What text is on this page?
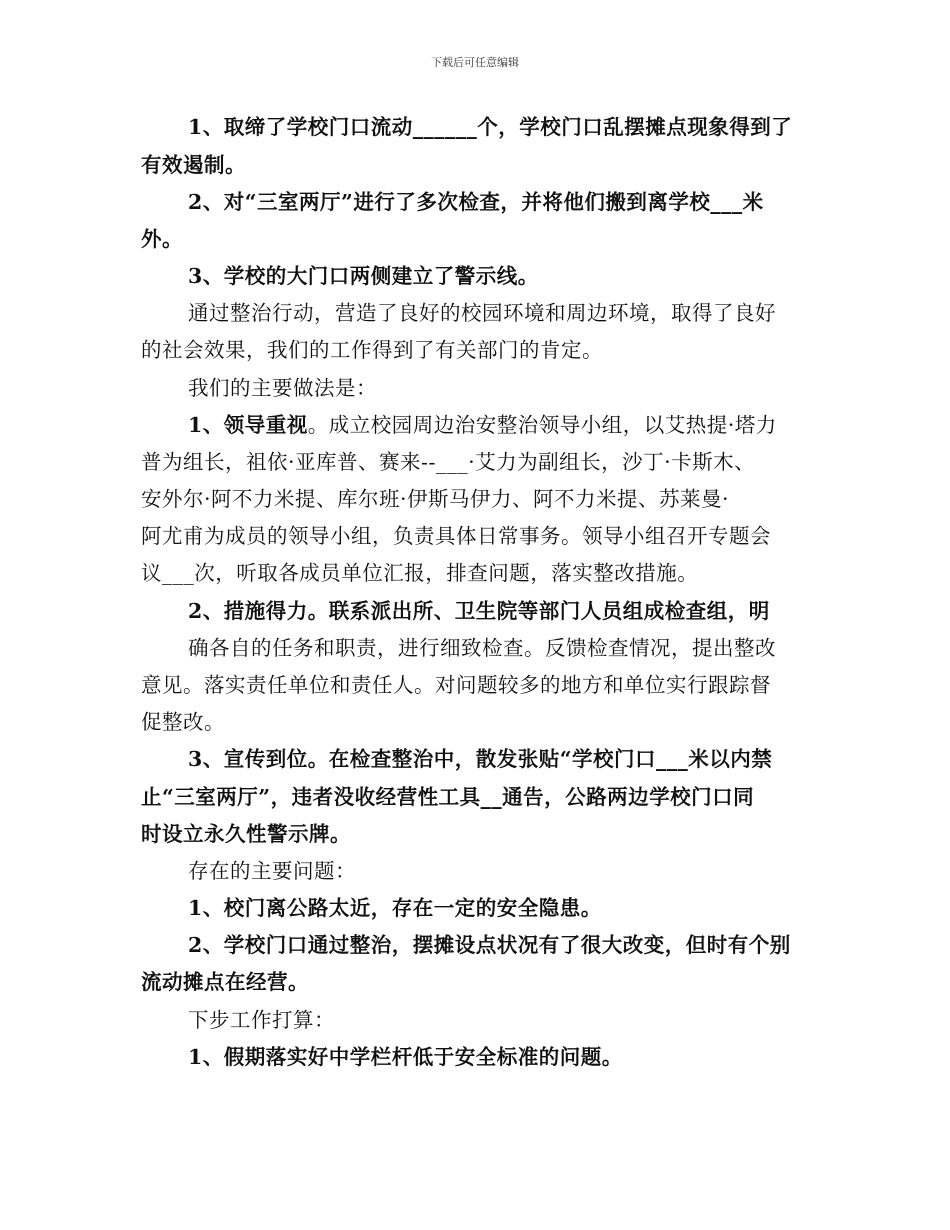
下载后可任意编辑
1、取缔了学校门口流动______个，学校门口乱摆摊点现象得到了
有效遏制。
2、对“三室两厅”进行了多次检查，并将他们搬到离学校___米
外。
3、学校的大门口两侧建立了警示线。
通过整治行动，营造了良好的校园环境和周边环境，取得了良好
的社会效果，我们的工作得到了有关部门的肯定。
我们的主要做法是：
1、领导重视。成立校园周边治安整治领导小组，以艾热提·塔力
普为组长，祖依·亚库普、赛来--___·艾力为副组长，沙丁·卡斯木、
安外尔·阿不力米提、库尔班·伊斯马伊力、阿不力米提、苏莱曼·
阿尤甫为成员的领导小组，负责具体日常事务。领导小组召开专题会
议___次，听取各成员单位汇报，排查问题，落实整改措施。
2、措施得力。联系派出所、卫生院等部门人员组成检查组，明
确各自的任务和职责，进行细致检查。反馈检查情况，提出整改
意见。落实责任单位和责任人。对问题较多的地方和单位实行跟踪督
促整改。
3、宣传到位。在检查整治中，散发张贴“学校门口___米以内禁
止“三室两厅”，违者没收经营性工具__通告，公路两边学校门口同
时设立永久性警示牌。
存在的主要问题：
1、校门离公路太近，存在一定的安全隐患。
2、学校门口通过整治，摆摊设点状况有了很大改变，但时有个别
流动摊点在经营。
下步工作打算：
1、假期落实好中学栏杆低于安全标准的问题。
